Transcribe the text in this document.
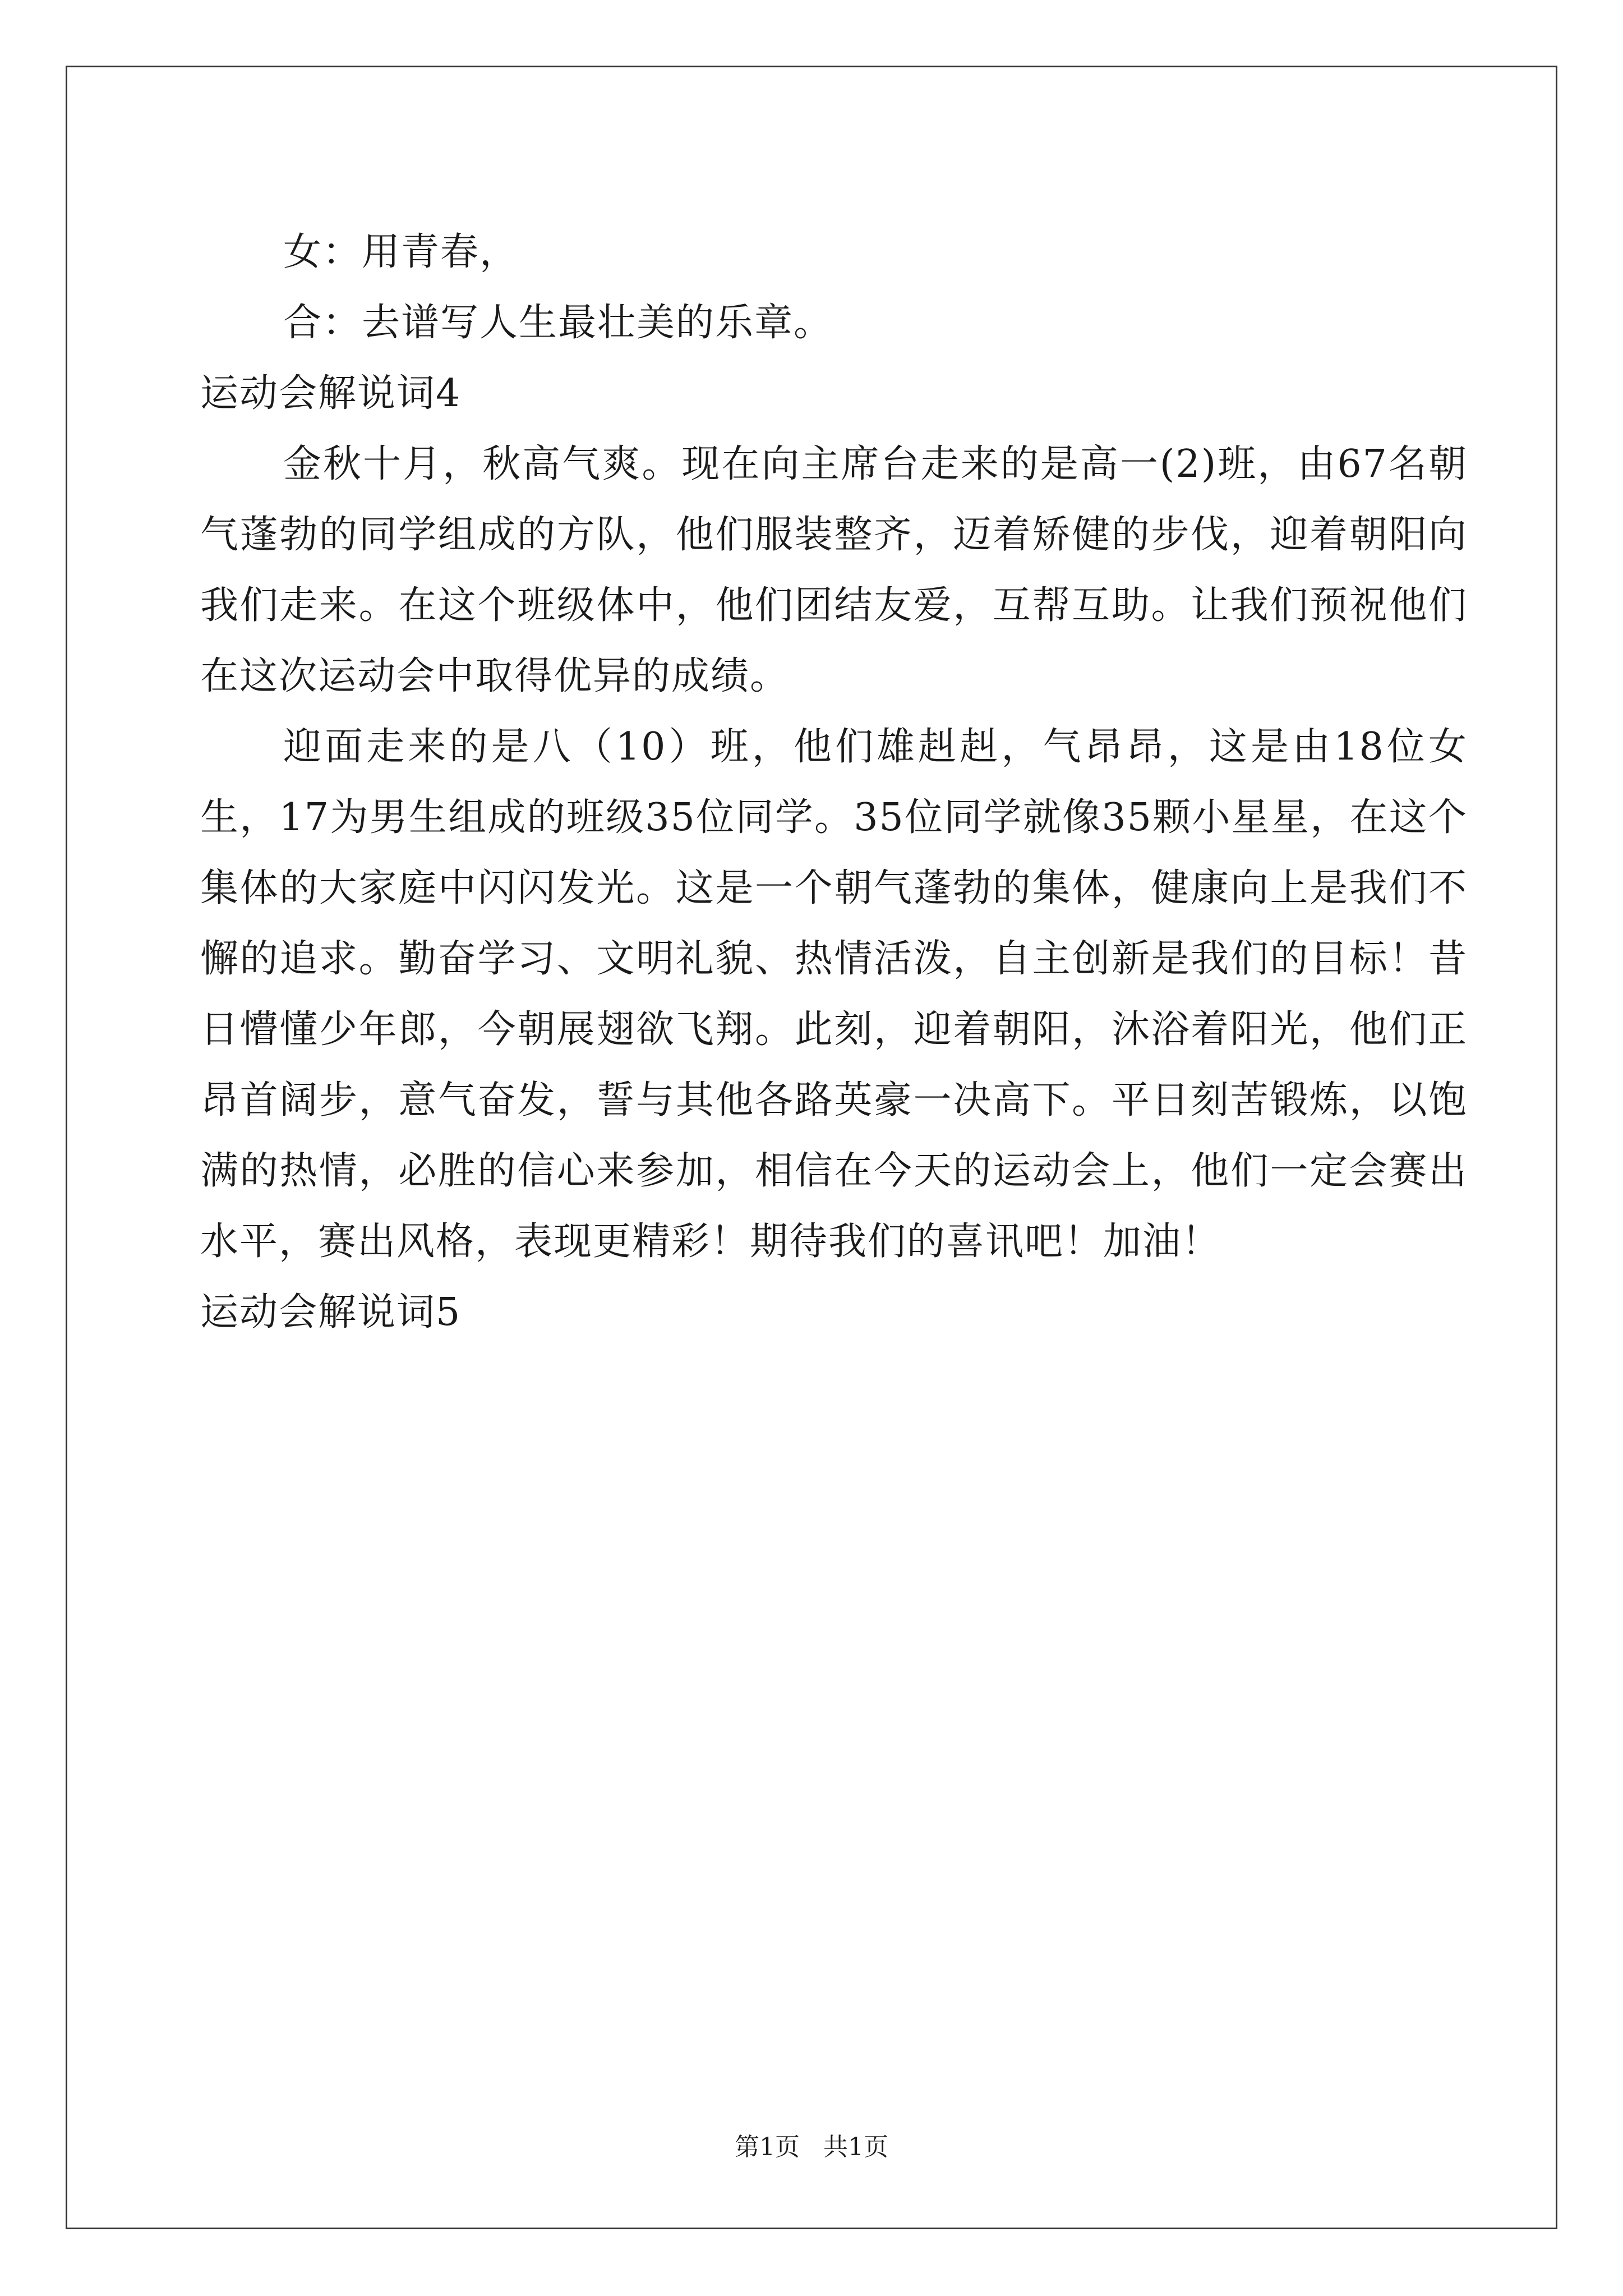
女：用青春，

合：去谱写人生最壮美的乐章。

运动会解说词4

金秋十月，秋高气爽。现在向主席台走来的是高一(2)班，由67名朝气蓬勃的同学组成的方队，他们服装整齐，迈着矫健的步伐，迎着朝阳向我们走来。在这个班级体中，他们团结友爱，互帮互助。让我们预祝他们在这次运动会中取得优异的成绩。

迎面走来的是八（10）班，他们雄赳赳，气昂昂，这是由18位女生，17为男生组成的班级35位同学。35位同学就像35颗小星星，在这个集体的大家庭中闪闪发光。这是一个朝气蓬勃的集体，健康向上是我们不懈的追求。勤奋学习、文明礼貌、热情活泼，自主创新是我们的目标！昔日懵懂少年郎，今朝展翅欲飞翔。此刻，迎着朝阳，沐浴着阳光，他们正昂首阔步，意气奋发，誓与其他各路英豪一决高下。平日刻苦锻炼，以饱满的热情，必胜的信心来参加，相信在今天的运动会上，他们一定会赛出水平，赛出风格，表现更精彩！期待我们的喜讯吧！加油！

运动会解说词5

第1页 共1页
